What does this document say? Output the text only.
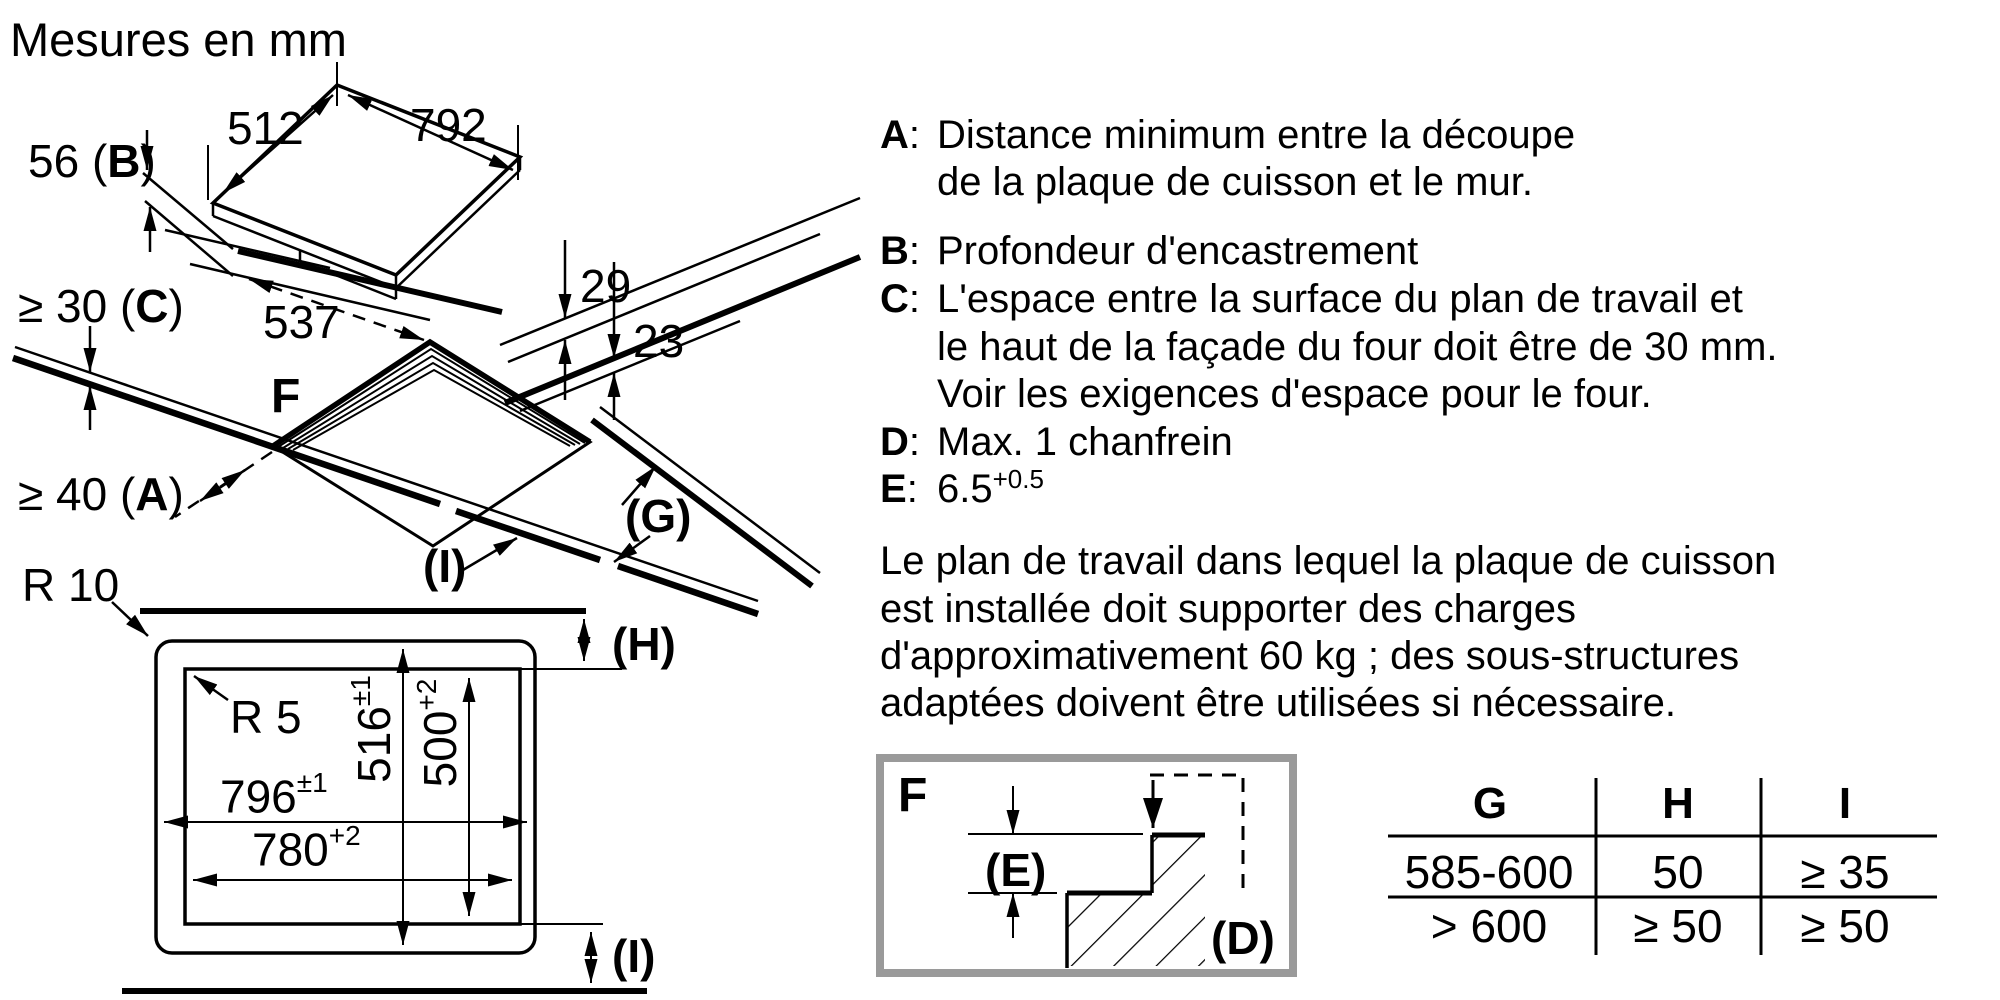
Mesures en mm
512 792
56 (B)
≥ 30 (C) 537
29
23
F
≥ 40 (A)	(G)
(I)
(H)
R 10
R 5 $516^{\pm 1}$
$500^{+2}$
$796^{\pm 1}$
$780^{+2}$
(I)
A: Distance minimum entre la découpe
de la plaque de cuisson et le mur.
B: Profondeur d'encastrement
C: L'espace entre la surface du plan de travail et
le haut de la façade du four doit être de 30 mm.
Voir les exigences d'espace pour le four.
D: Max. 1 chanfrein
E: $6.5^{+0.5}$
Le plan de travail dans lequel la plaque de cuisson
est installée doit supporter des charges
d'approximativement 60 kg ; des sous-structures
adaptées doivent être utilisées si nécessaire.
F
(E)
(D)
G	H	I
585-600 50 ≥ 35
> 600 ≥ 50 ≥ 50
